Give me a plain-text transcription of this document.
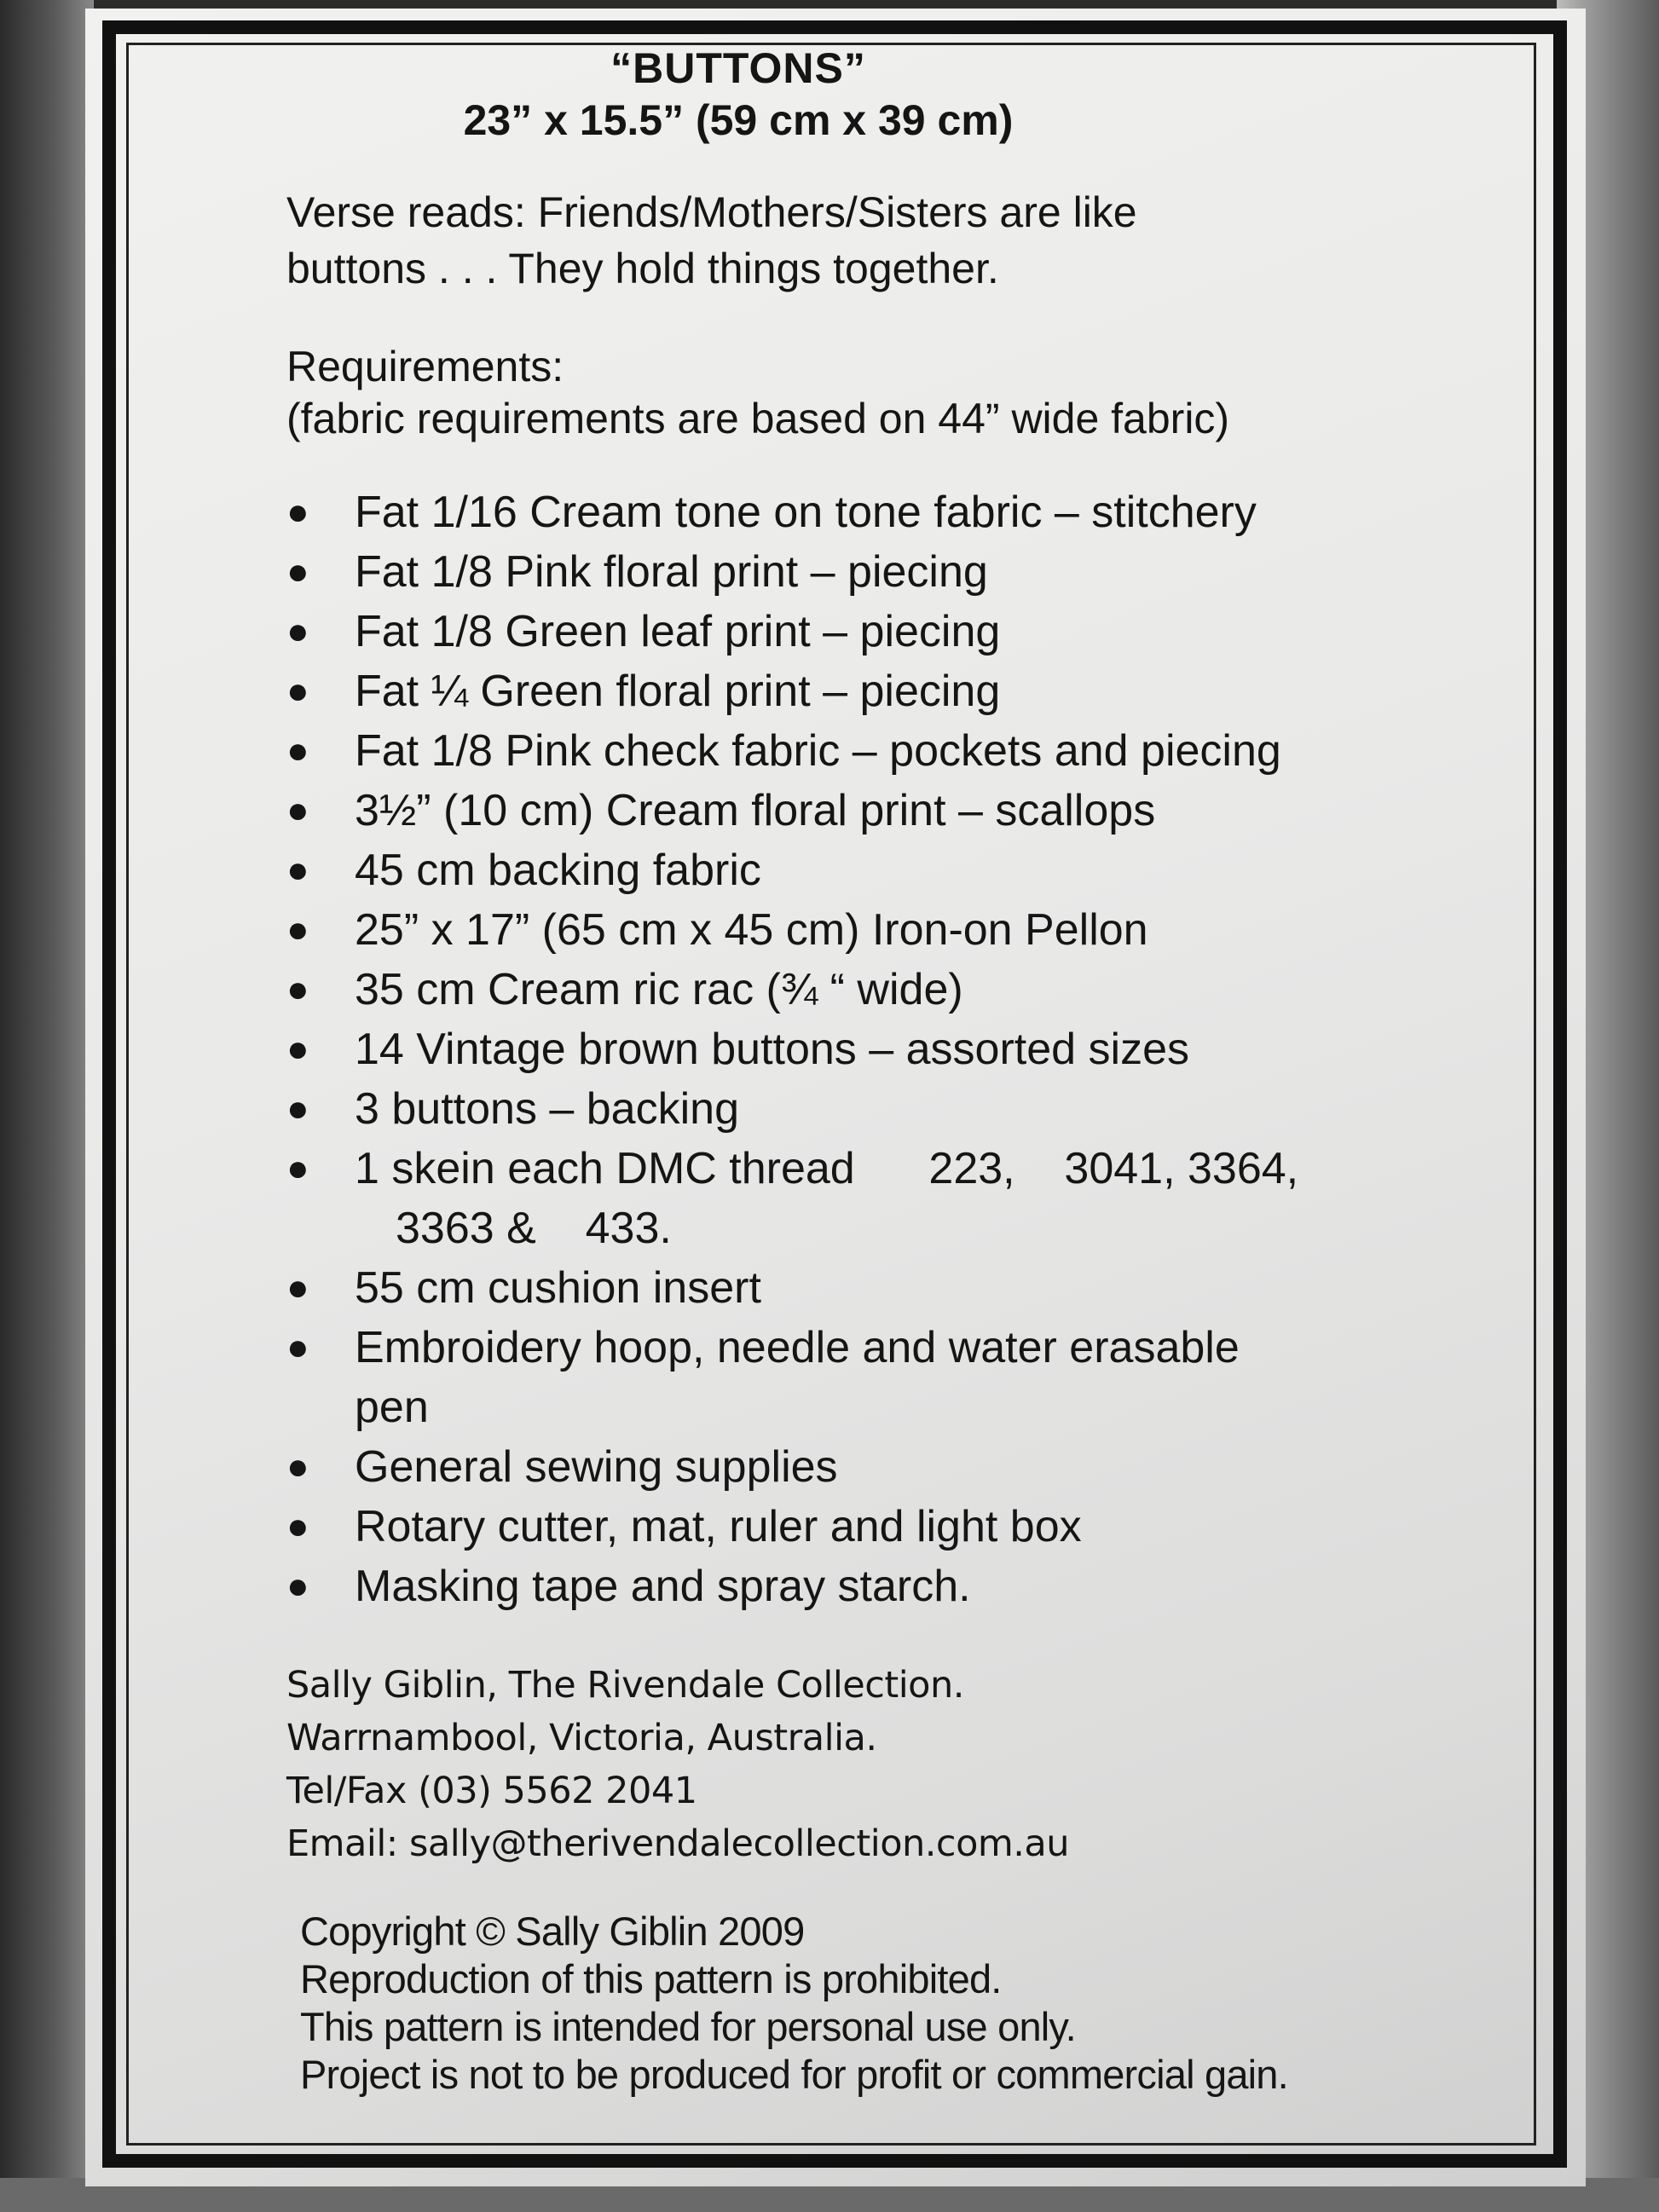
“BUTTONS”

23” x 15.5” (59 cm x 39 cm)

Verse reads: Friends/Mothers/Sisters are like
buttons . . . They hold things together.

Requirements:

(fabric requirements are based on 44” wide fabric)

● Fat 1/16 Cream tone on tone fabric – stitchery
● Fat 1/8 Pink floral print – piecing
● Fat 1/8 Green leaf print – piecing
● Fat ¼ Green floral print – piecing
● Fat 1/8 Pink check fabric – pockets and piecing
● 3½” (10 cm) Cream floral print – scallops
● 45 cm backing fabric
● 25” x 17” (65 cm x 45 cm) Iron-on Pellon
● 35 cm Cream ric rac (¾ “ wide)
● 14 Vintage brown buttons – assorted sizes
● 3 buttons – backing
● 1 skein each DMC thread      223,    3041, 3364,
3363 &    433.
● 55 cm cushion insert
● Embroidery hoop, needle and water erasable
pen
● General sewing supplies
● Rotary cutter, mat, ruler and light box
● Masking tape and spray starch.

Sally Giblin, The Rivendale Collection.

Warrnambool, Victoria, Australia.

Tel/Fax (03) 5562 2041

Email: sally@therivendalecollection.com.au

Copyright © Sally Giblin 2009

Reproduction of this pattern is prohibited.

This pattern is intended for personal use only.

Project is not to be produced for profit or commercial gain.
